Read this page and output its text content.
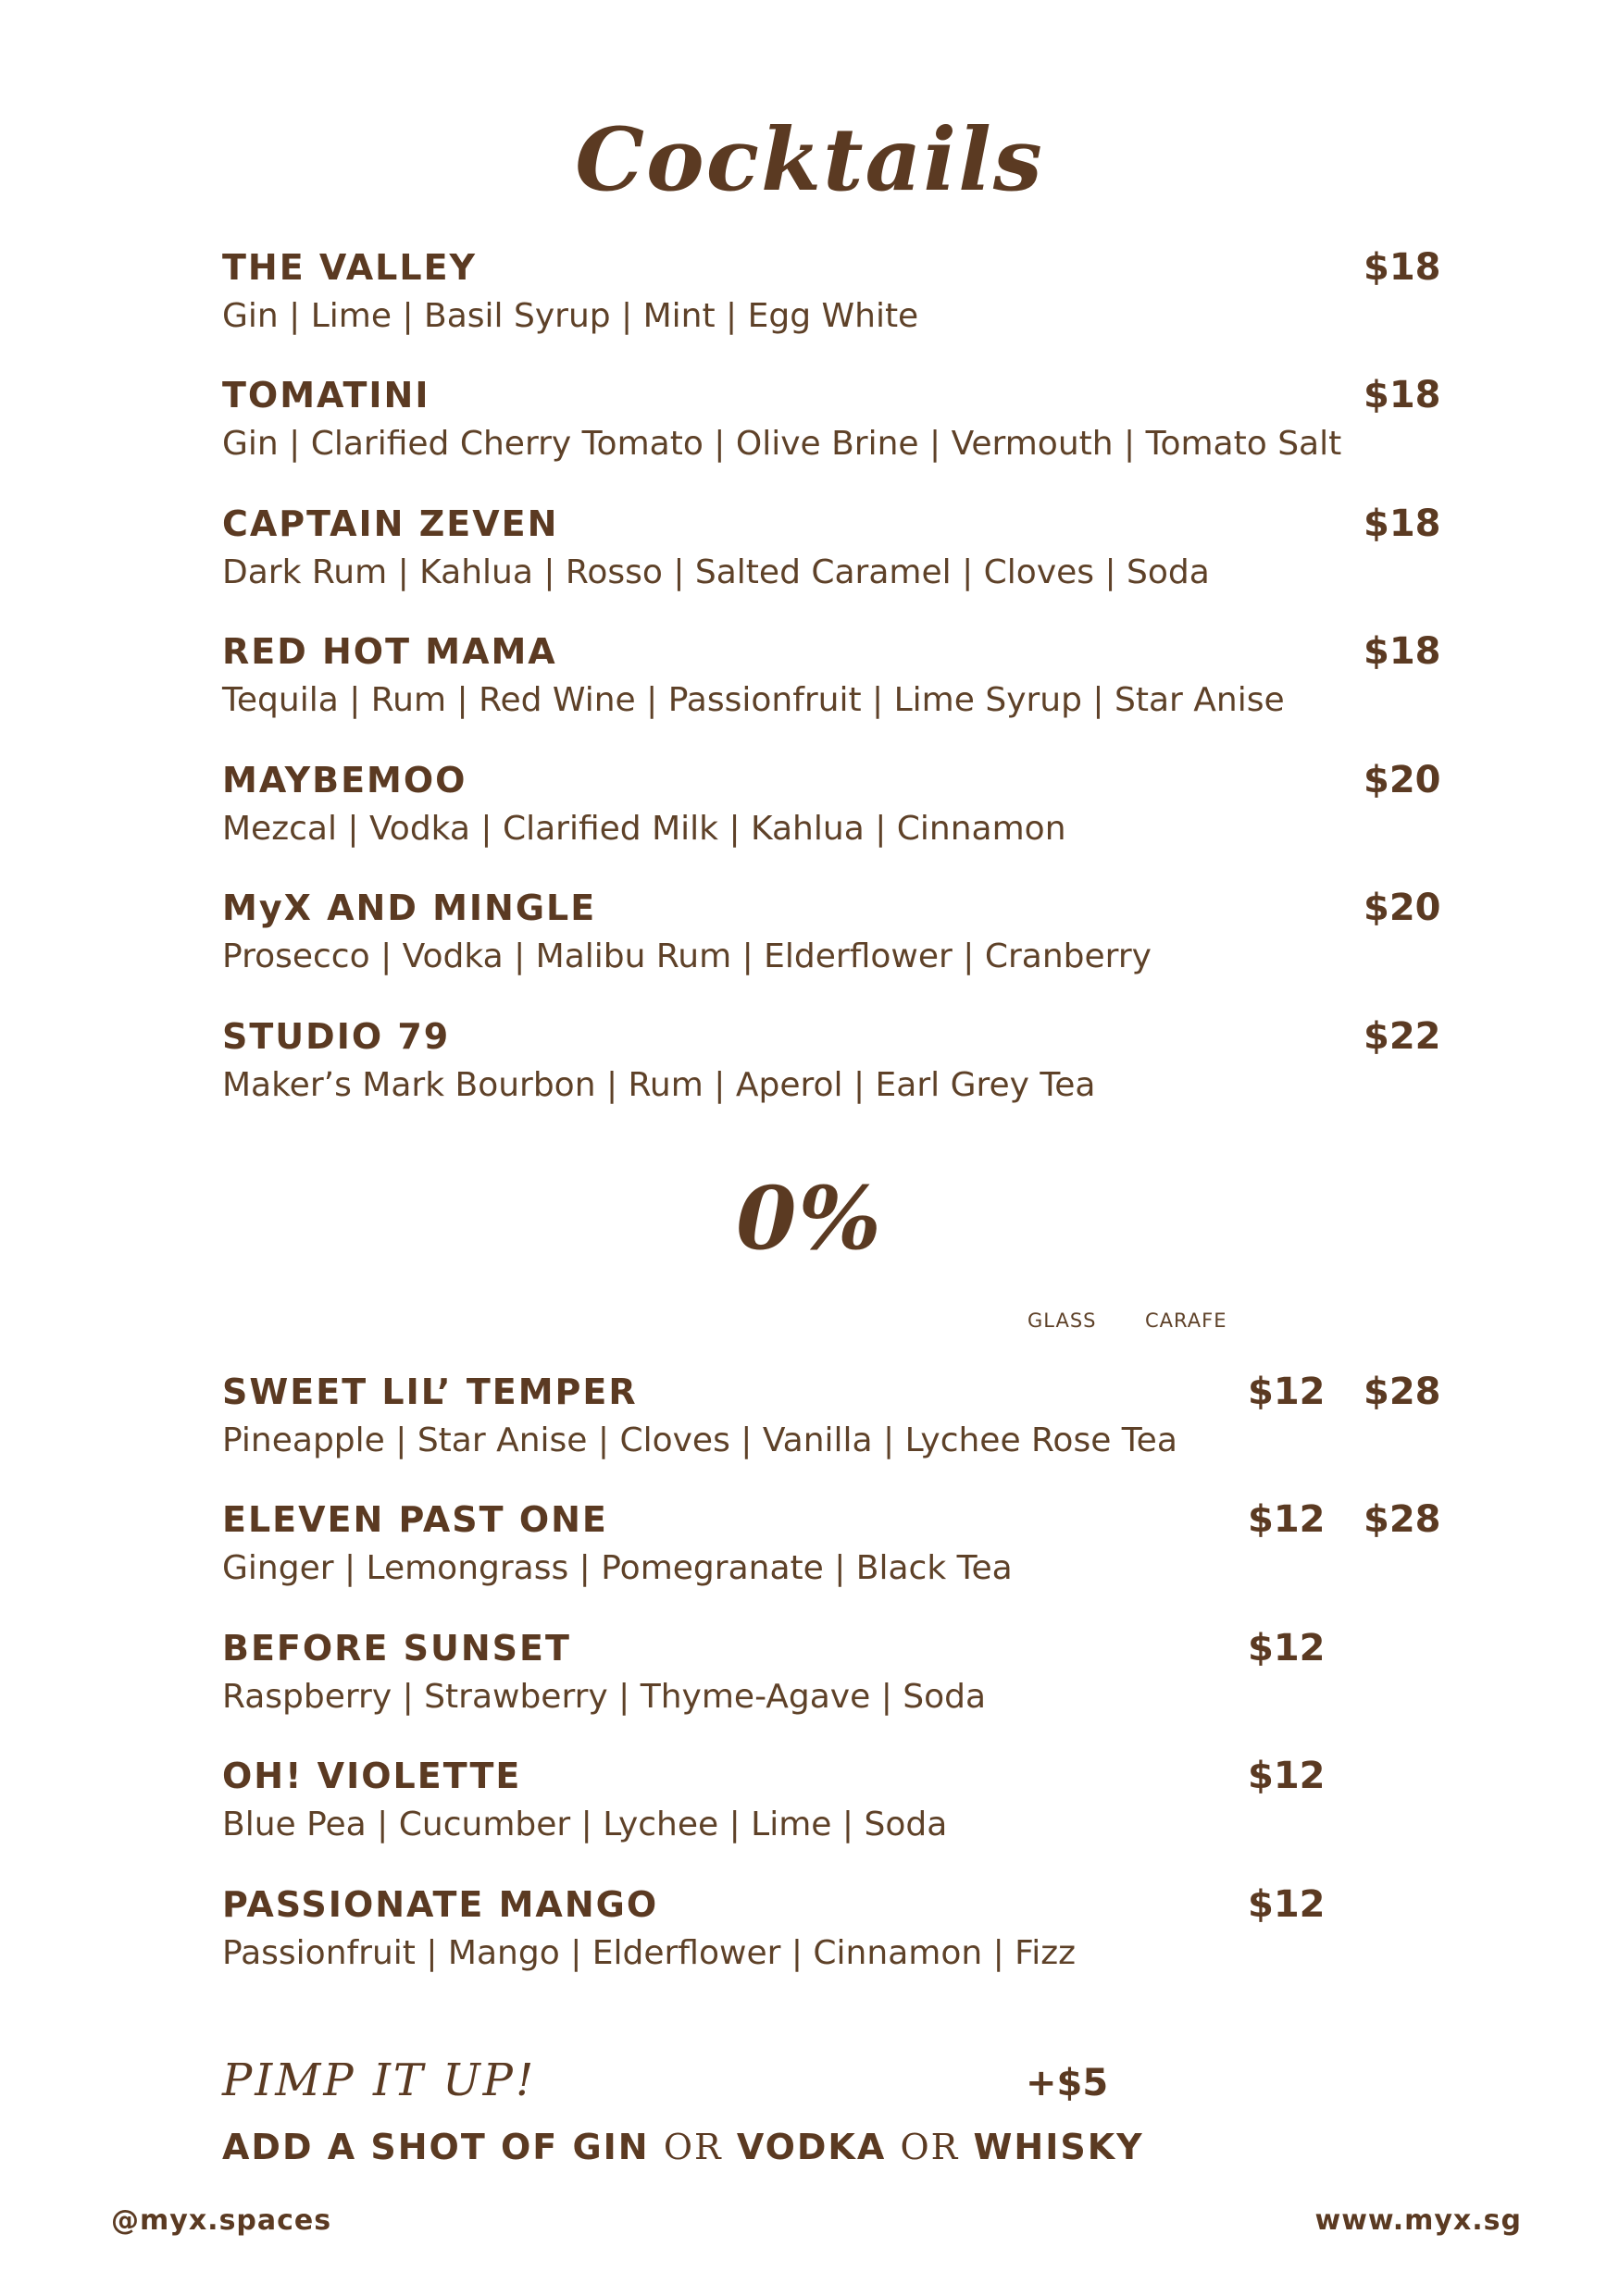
Cocktails
THE VALLEY
Gin | Lime | Basil Syrup | Mint | Egg White
$18
TOMATINI
Gin | Clarified Cherry Tomato | Olive Brine | Vermouth | Tomato Salt
$18
CAPTAIN ZEVEN
Dark Rum | Kahlua | Rosso | Salted Caramel | Cloves | Soda
$18
RED HOT MAMA
Tequila | Rum | Red Wine | Passionfruit | Lime Syrup | Star Anise
$18
MAYBEMOO
Mezcal | Vodka | Clarified Milk | Kahlua | Cinnamon
$20
MyX AND MINGLE
Prosecco | Vodka | Malibu Rum | Elderflower | Cranberry
$20
STUDIO 79
Maker’s Mark Bourbon | Rum | Aperol | Earl Grey Tea
$22
0%
GLASS	CARAFE
SWEET LIL’ TEMPER
Pineapple | Star Anise | Cloves | Vanilla | Lychee Rose Tea
$12 $28
ELEVEN PAST ONE
Ginger | Lemongrass | Pomegranate | Black Tea
$12 $28
BEFORE SUNSET
Raspberry | Strawberry | Thyme-Agave | Soda
$12
OH! VIOLETTE
Blue Pea | Cucumber | Lychee | Lime | Soda
$12
PASSIONATE MANGO
Passionfruit | Mango | Elderflower | Cinnamon | Fizz
$12
PIMP IT UP!	+$5
ADD A SHOT OF GIN OR VODKA OR WHISKY
@myx.spaces	www.myx.sg
